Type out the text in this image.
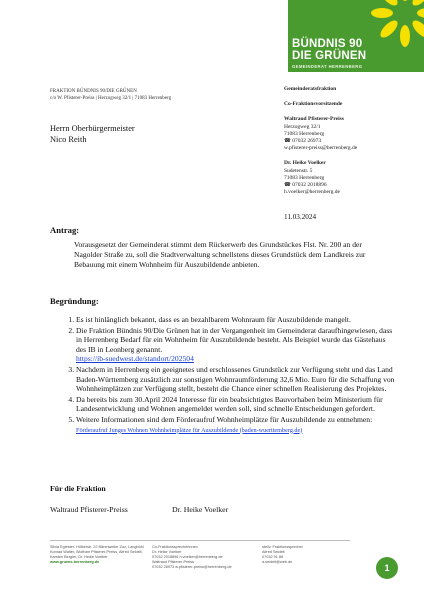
BÜNDNIS 90
DIE GRÜNEN
GEMEINDERAT HERRENBERG
FRAKTION BÜNDNIS 90/DIE GRÜNEN
c/o W. Pfisterer-Preiss | Herzogweg 32/1 | 71083 Herrenberg
Herrn Oberbürgermeister
Nico Reith
Gemeinderatsfraktion
Co-Fraktionsvorsitzende
Waltraud Pfisterer-Preiss
Herzogweg 32/1
71083 Herrenberg
☎ 07032 26973
w.pfisterer-preiss@herrenberg.de
Dr. Heike Voelker
Sudetenstr. 5
71083 Herrenberg
☎ 07032 2018896
h.voelker@herrenberg.de
11.03.2024
Antrag:
Vorausgesetzt der Gemeinderat stimmt dem Rückerwerb des Grundstückes Flst. Nr. 200 an der Nagolder Straße zu, soll die Stadtverwaltung schnellstens dieses Grundstück dem Landkreis zur Bebauung mit einem Wohnheim für Auszubildende anbieten.
Begründung:
1. Es ist hinlänglich bekannt, dass es an bezahlbarem Wohnraum für Auszubildende mangelt.
2. Die Fraktion Bündnis 90/Die Grünen hat in der Vergangenheit im Gemeinderat daraufhingewiesen, dass in Herrenberg Bedarf für ein Wohnheim für Auszubildende besteht. Als Beispiel wurde das Gästehaus des IB in Leonberg genannt.
https://ib-suedwest.de/standort/202504
3. Nachdem in Herrenberg ein geeignetes und erschlossenes Grundstück zur Verfügung steht und das Land Baden-Württemberg zusätzlich zur sonstigen Wohnraumförderung 32,6 Mio. Euro für die Schaffung von Wohnheimplätzen zur Verfügung stellt, besteht die Chance einer schnellen Realisierung des Projektes.
4. Da bereits bis zum 30.April 2024 Interesse für ein beabsichtigtes Bauvorhaben beim Ministerium für Landesentwicklung und Wohnen angemeldet werden soll, sind schnelle Entscheidungen gefordert.
5. Weitere Informationen sind dem Förderaufruf Wohnheimplätze für Auszubildende zu entnehmen: Förderaufruf Junges Wohnen Wohnheimplätze für Auszubildende (baden-wuerttemberg.de)
Für die Fraktion
Waltraud Pfisterer-Preiss	Dr. Heike Voelker
Silvia Eglester, Hülberstr. 22 Bärenweiler Zoz, Langbühl
Konrad Walter, Wolfram Pfisterer-Preiss, Alfred Seidelt,
Karsten Bergler, Dr. Heike Voelker
www.gruene-herrenberg.de
Co-Fraktionssprecherinnen
Dr. Heike Voelker
07032 2018896 h.voelker@herrenberg.de
Waltraud Pfisterer-Preiss
07032 26973 w.pfisterer-preiss@herrenberg.de
stellv. Fraktionssprecher
Alfred Seidelt
07032 91 88
a.seidelt@web.de
1
